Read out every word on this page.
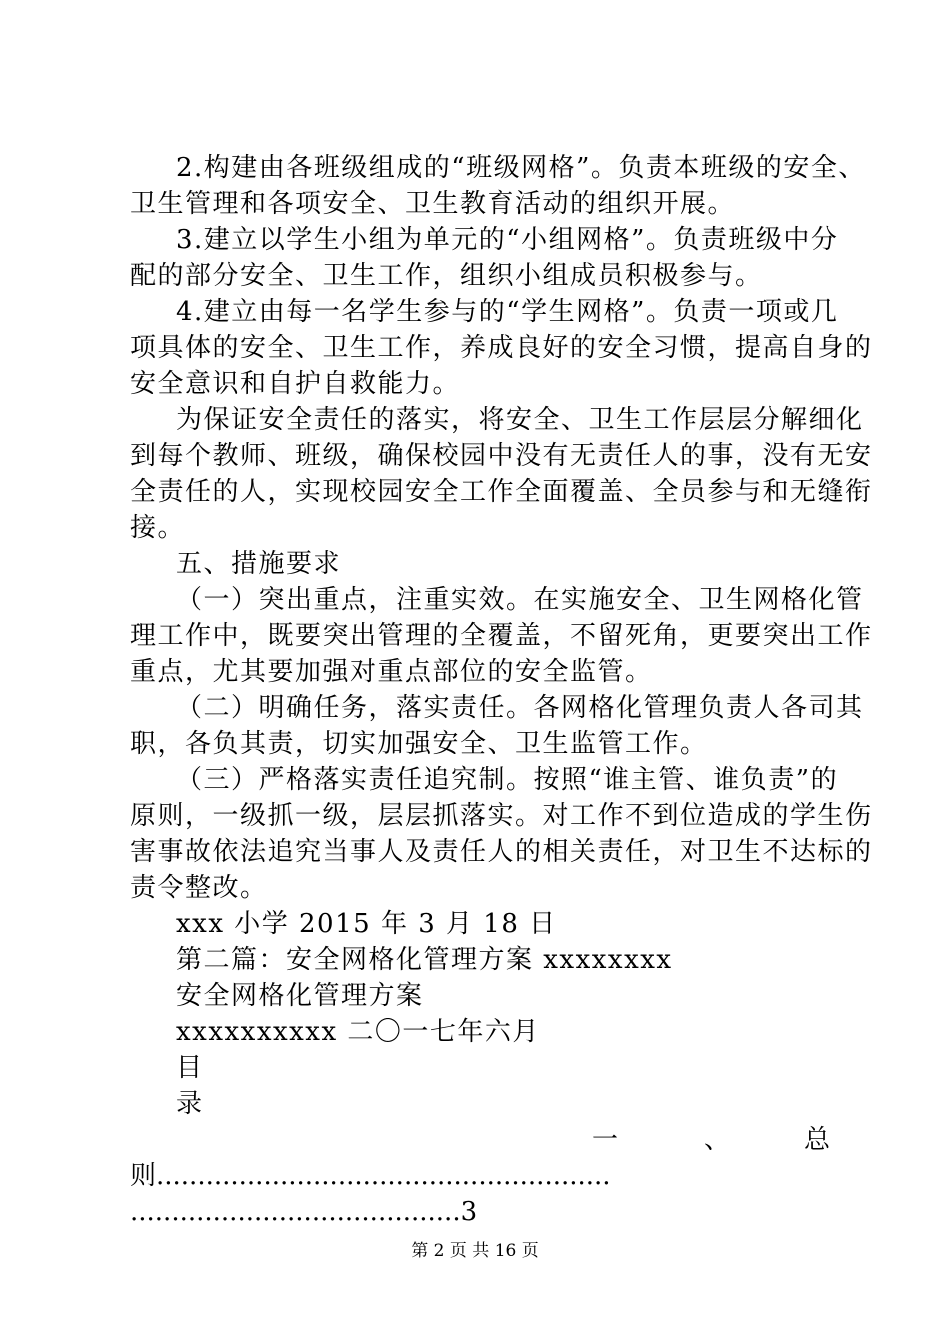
2.构建由各班级组成的“班级网格”。负责本班级的安全、
卫生管理和各项安全、卫生教育活动的组织开展。
3.建立以学生小组为单元的“小组网格”。负责班级中分
配的部分安全、卫生工作，组织小组成员积极参与。
4.建立由每一名学生参与的“学生网格”。负责一项或几
项具体的安全、卫生工作，养成良好的安全习惯，提高自身的
安全意识和自护自救能力。
为保证安全责任的落实，将安全、卫生工作层层分解细化
到每个教师、班级，确保校园中没有无责任人的事，没有无安
全责任的人，实现校园安全工作全面覆盖、全员参与和无缝衔
接。
五、措施要求
（一）突出重点，注重实效。在实施安全、卫生网格化管
理工作中，既要突出管理的全覆盖，不留死角，更要突出工作
重点，尤其要加强对重点部位的安全监管。
（二）明确任务，落实责任。各网格化管理负责人各司其
职，各负其责，切实加强安全、卫生监管工作。
（三）严格落实责任追究制。按照“谁主管、谁负责”的
原则，一级抓一级，层层抓落实。对工作不到位造成的学生伤
害事故依法追究当事人及责任人的相关责任，对卫生不达标的
责令整改。
xxx 小学 2015 年 3 月 18 日
第二篇：安全网格化管理方案 xxxxxxxx
安全网格化管理方案
xxxxxxxxxx 二〇一七年六月
目
录
一	、	总
则.......................................................
........................................3
第 2 页 共 16 页
